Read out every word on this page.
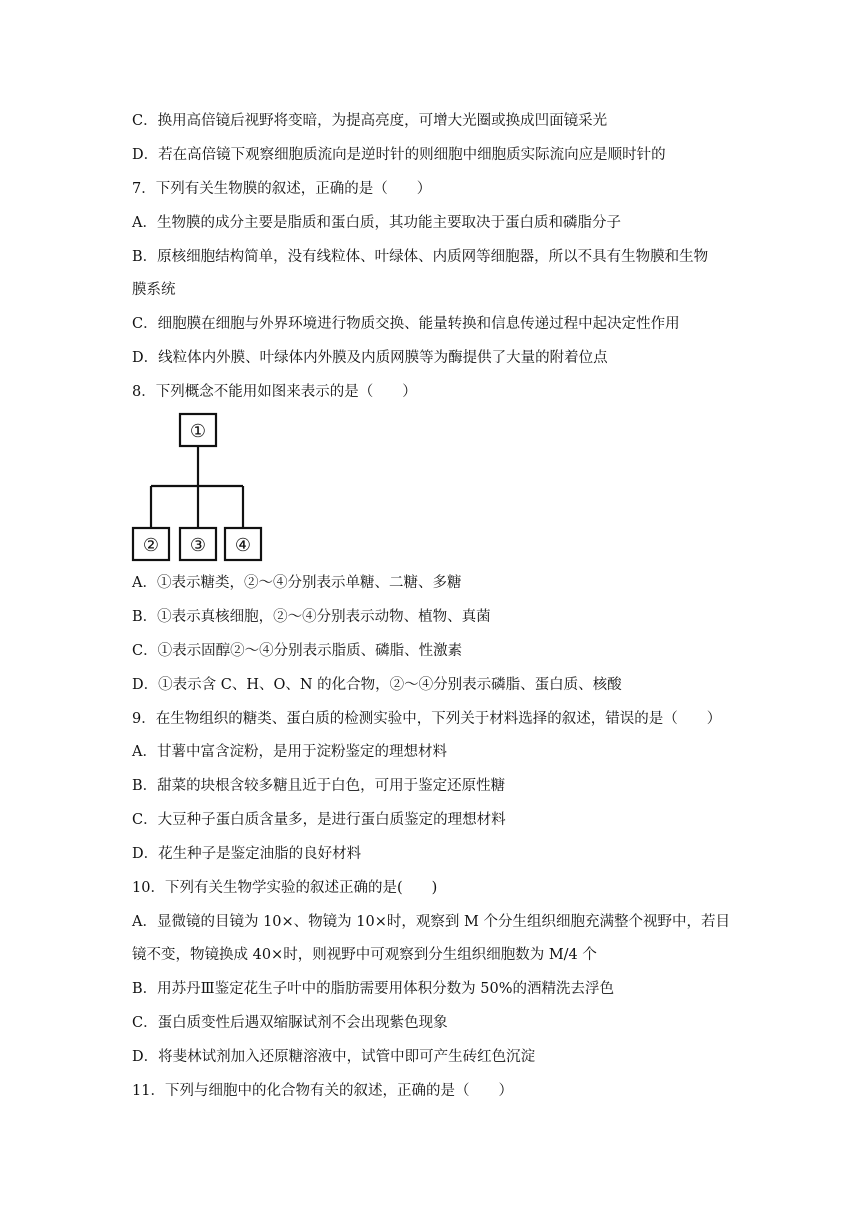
C．换用高倍镜后视野将变暗，为提高亮度，可增大光圈或换成凹面镜采光
D．若在高倍镜下观察细胞质流向是逆时针的则细胞中细胞质实际流向应是顺时针的
7．下列有关生物膜的叙述，正确的是（　　）
A．生物膜的成分主要是脂质和蛋白质，其功能主要取决于蛋白质和磷脂分子
B．原核细胞结构简单，没有线粒体、叶绿体、内质网等细胞器，所以不具有生物膜和生物
膜系统
C．细胞膜在细胞与外界环境进行物质交换、能量转换和信息传递过程中起决定性作用
D．线粒体内外膜、叶绿体内外膜及内质网膜等为酶提供了大量的附着位点
8．下列概念不能用如图来表示的是（　　）
①
② ③ ④
A．①表示糖类，②～④分别表示单糖、二糖、多糖
B．①表示真核细胞，②～④分别表示动物、植物、真菌
C．①表示固醇②～④分别表示脂质、磷脂、性激素
D．①表示含 C、H、O、N 的化合物，②～④分别表示磷脂、蛋白质、核酸
9．在生物组织的糖类、蛋白质的检测实验中，下列关于材料选择的叙述，错误的是（　　）
A．甘薯中富含淀粉，是用于淀粉鉴定的理想材料
B．甜菜的块根含较多糖且近于白色，可用于鉴定还原性糖
C．大豆种子蛋白质含量多，是进行蛋白质鉴定的理想材料
D．花生种子是鉴定油脂的良好材料
10．下列有关生物学实验的叙述正确的是(　　)
A．显微镜的目镜为 10×、物镜为 10×时，观察到 M 个分生组织细胞充满整个视野中，若目
镜不变，物镜换成 40×时，则视野中可观察到分生组织细胞数为 M/4 个
B．用苏丹Ⅲ鉴定花生子叶中的脂肪需要用体积分数为 50%的酒精洗去浮色
C．蛋白质变性后遇双缩脲试剂不会出现紫色现象
D．将斐林试剂加入还原糖溶液中，试管中即可产生砖红色沉淀
11．下列与细胞中的化合物有关的叙述，正确的是（　　）
